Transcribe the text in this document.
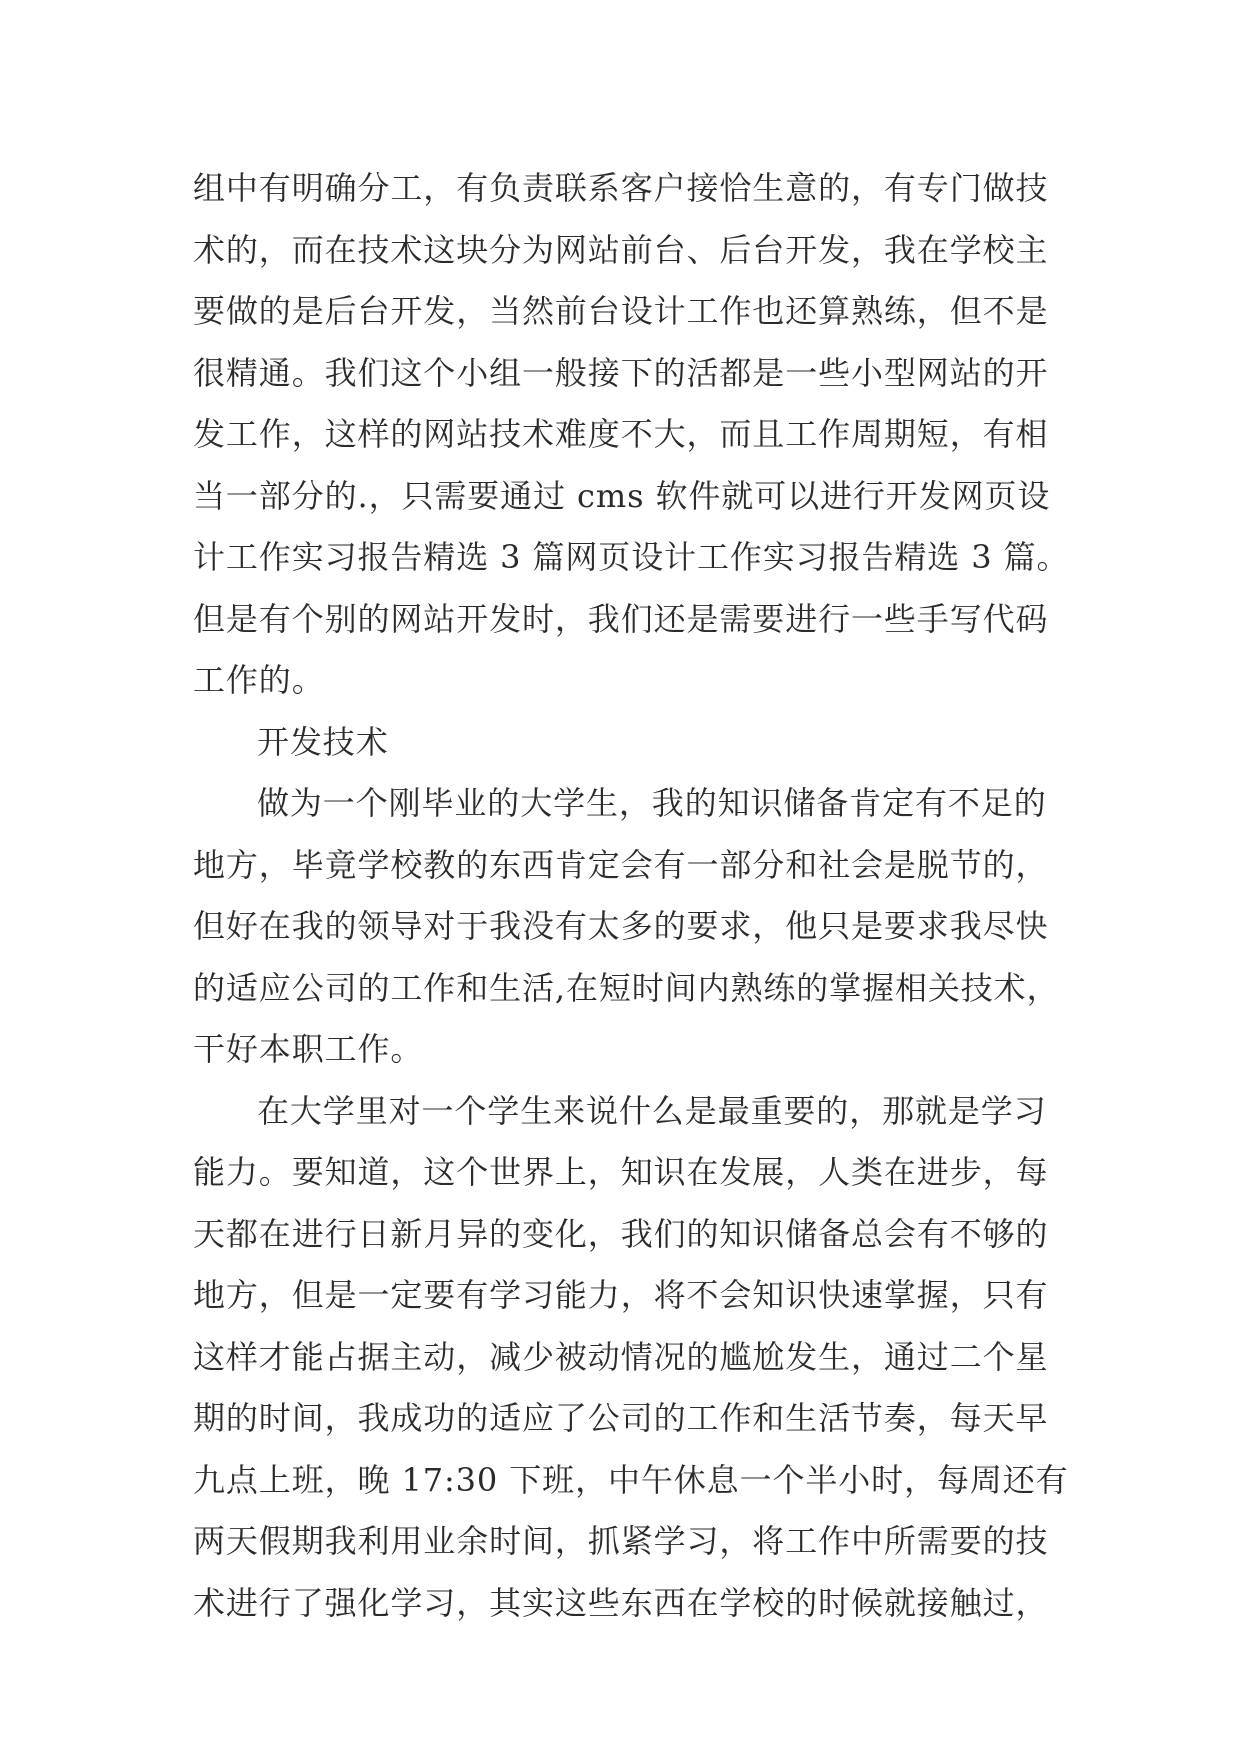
组中有明确分工，有负责联系客户接恰生意的，有专门做技
术的，而在技术这块分为网站前台、后台开发，我在学校主
要做的是后台开发，当然前台设计工作也还算熟练，但不是
很精通。我们这个小组一般接下的活都是一些小型网站的开
发工作，这样的网站技术难度不大，而且工作周期短，有相
当一部分的.，只需要通过 cms 软件就可以进行开发网页设
计工作实习报告精选 3 篇网页设计工作实习报告精选 3 篇。
但是有个别的网站开发时，我们还是需要进行一些手写代码
工作的。
开发技术
做为一个刚毕业的大学生，我的知识储备肯定有不足的
地方，毕竟学校教的东西肯定会有一部分和社会是脱节的，
但好在我的领导对于我没有太多的要求，他只是要求我尽快
的适应公司的工作和生活,在短时间内熟练的掌握相关技术，
干好本职工作。
在大学里对一个学生来说什么是最重要的，那就是学习
能力。要知道，这个世界上，知识在发展，人类在进步，每
天都在进行日新月异的变化，我们的知识储备总会有不够的
地方，但是一定要有学习能力，将不会知识快速掌握，只有
这样才能占据主动，减少被动情况的尴尬发生，通过二个星
期的时间，我成功的适应了公司的工作和生活节奏，每天早
九点上班，晚 17:30 下班，中午休息一个半小时，每周还有
两天假期我利用业余时间，抓紧学习，将工作中所需要的技
术进行了强化学习，其实这些东西在学校的时候就接触过，
